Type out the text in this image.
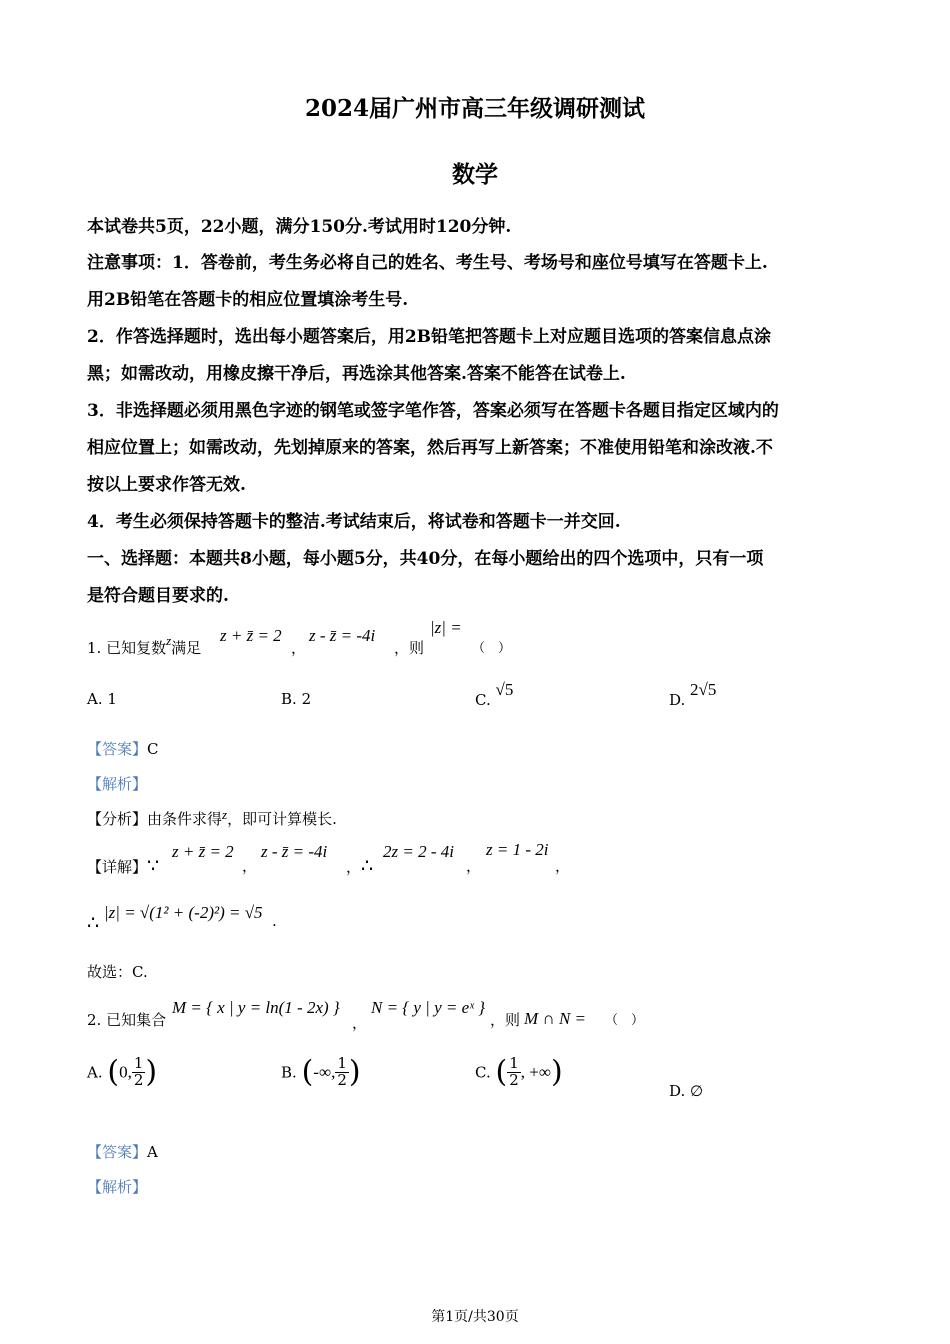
2024届广州市高三年级调研测试
数学
本试卷共5页，22小题，满分150分.考试用时120分钟.
注意事项：1．答卷前，考生务必将自己的姓名、考生号、考场号和座位号填写在答题卡上.
用2B铅笔在答题卡的相应位置填涂考生号.
2．作答选择题时，选出每小题答案后，用2B铅笔把答题卡上对应题目选项的答案信息点涂
黑；如需改动，用橡皮擦干净后，再选涂其他答案.答案不能答在试卷上.
3．非选择题必须用黑色字迹的钢笔或签字笔作答，答案必须写在答题卡各题目指定区域内的
相应位置上；如需改动，先划掉原来的答案，然后再写上新答案；不准使用铅笔和涂改液.不
按以上要求作答无效.
4．考生必须保持答题卡的整洁.考试结束后，将试卷和答题卡一并交回.
一、选择题：本题共8小题，每小题5分，共40分，在每小题给出的四个选项中，只有一项
是符合题目要求的.
1. 已知复数z满足
z + z̄ = 2
，
z - z̄ = -4i
，则
|z| =
（　）
A. 1	B. 2	C. √5
D. 2√5
【答案】C
【解析】
【分析】由条件求得z，即可计算模长.
【详解】∵
z + z̄ = 2
，
z - z̄ = -4i
，∴
2z = 2 - 4i
，
z = 1 - 2i
，
∴ |z| = √(1² + (-2)²) = √5 .
故选：C.
2. 已知集合
M = { x | y = ln(1 - 2x) }
，
N = { y | y = eˣ }
，则 M ∩ N = （　）
A. (0, $\frac{1}{2}$ )	B. (-∞, $\frac{1}{2}$ )	C. ( $\frac{1}{2}$ , +∞)
D. ∅
【答案】A
【解析】
第1页/共30页
